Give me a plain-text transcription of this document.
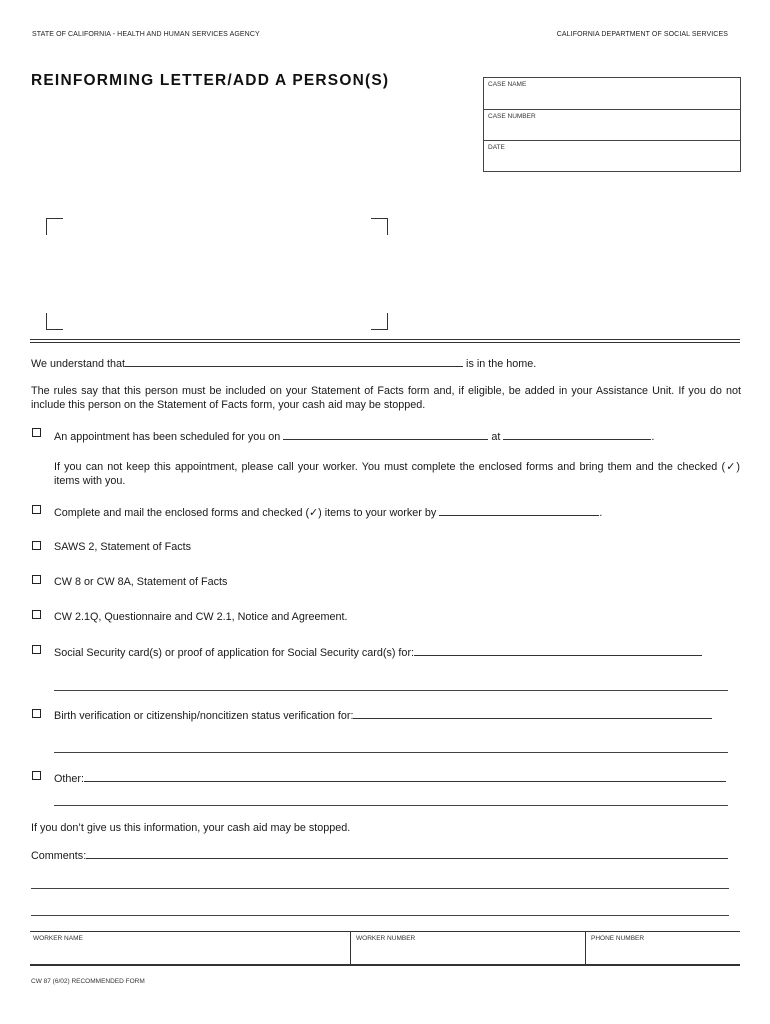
STATE OF CALIFORNIA - HEALTH AND HUMAN SERVICES AGENCY	CALIFORNIA DEPARTMENT OF SOCIAL SERVICES
REINFORMING LETTER/ADD A PERSON(S)	CASE NAME
CASE NUMBER
DATE
We understand that	is in the home.
The rules say that this person must be included on your Statement of Facts form and, if eligible, be added in your Assistance Unit. If you do not include this person on the Statement of Facts form, your cash aid may be stopped.
An appointment has been scheduled for you on	at	.
If you can not keep this appointment, please call your worker. You must complete the enclosed forms and bring them and the checked (✓) items with you.
Complete and mail the enclosed forms and checked (✓) items to your worker by	.
SAWS 2, Statement of Facts
CW 8 or CW 8A, Statement of Facts
CW 2.1Q, Questionnaire and CW 2.1, Notice and Agreement.
Social Security card(s) or proof of application for Social Security card(s) for:
Birth verification or citizenship/noncitizen status verification for:
Other:
If you don’t give us this information, your cash aid may be stopped.
Comments:
WORKER NAME	WORKER NUMBER	PHONE NUMBER
CW 87 (6/02) RECOMMENDED FORM
